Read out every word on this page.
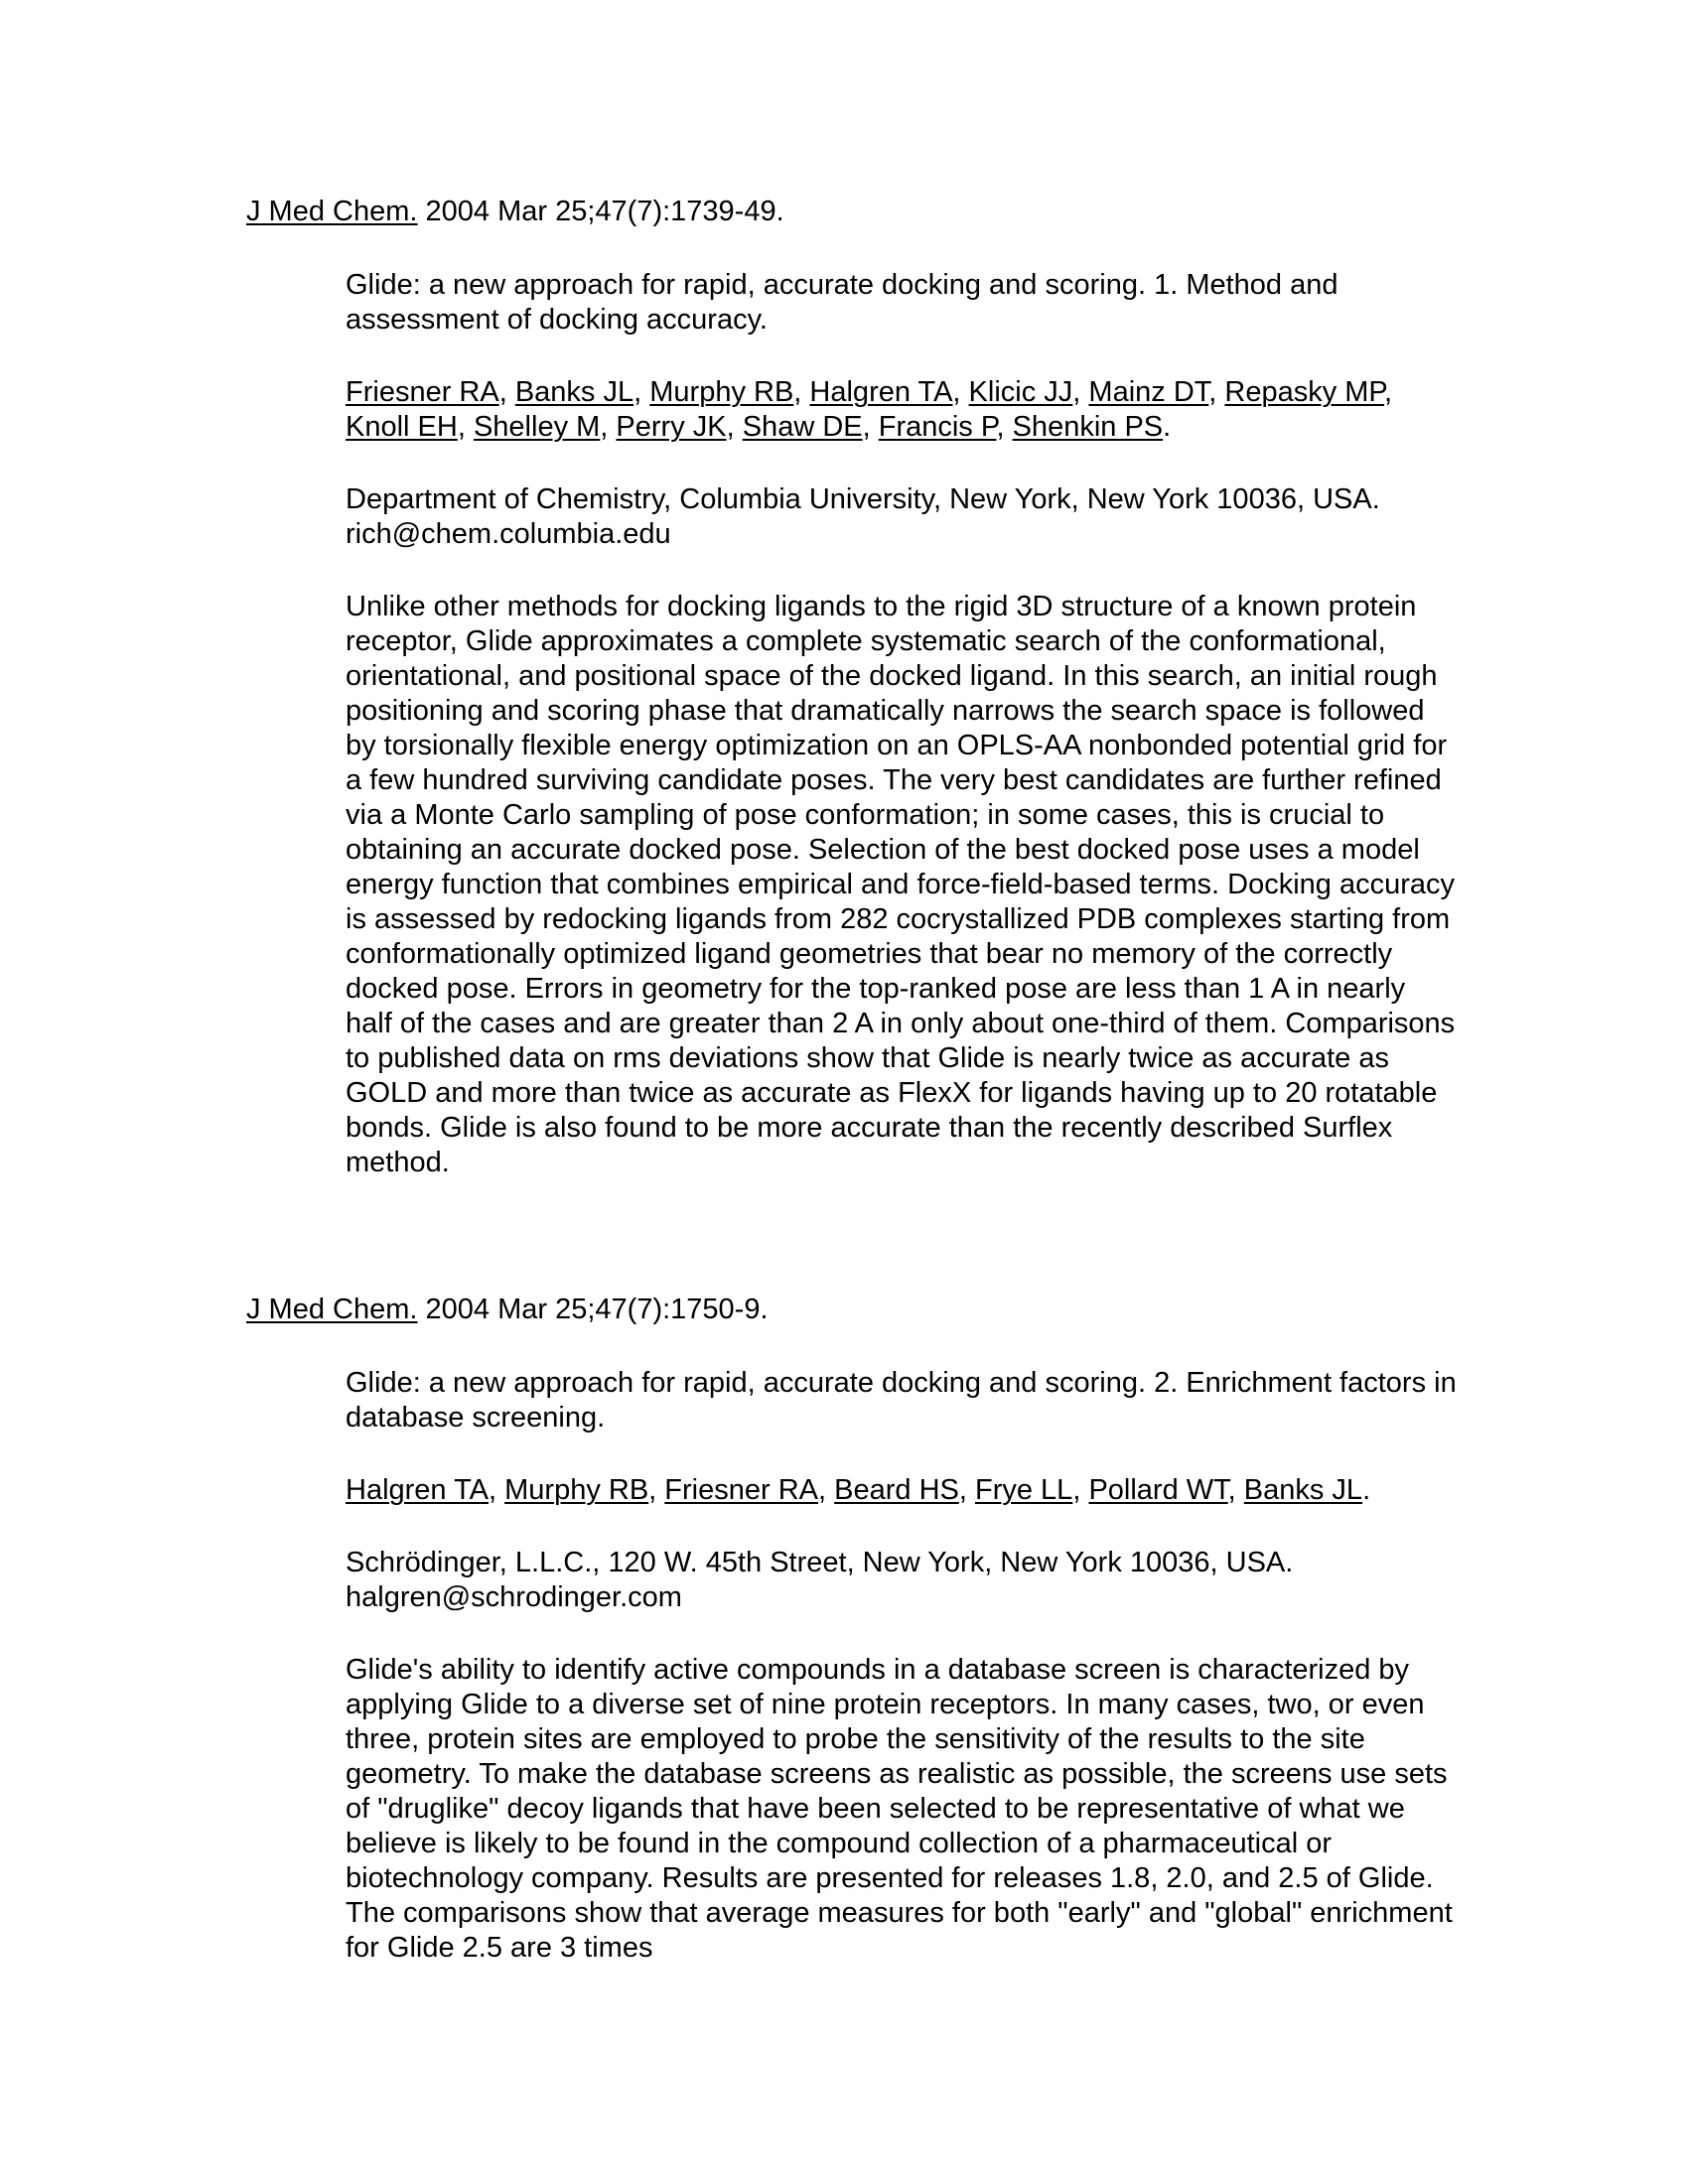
J Med Chem. 2004 Mar 25;47(7):1739-49.
Glide: a new approach for rapid, accurate docking and scoring. 1. Method and assessment of docking accuracy.
Friesner RA, Banks JL, Murphy RB, Halgren TA, Klicic JJ, Mainz DT, Repasky MP, Knoll EH, Shelley M, Perry JK, Shaw DE, Francis P, Shenkin PS.
Department of Chemistry, Columbia University, New York, New York 10036, USA. rich@chem.columbia.edu
Unlike other methods for docking ligands to the rigid 3D structure of a known protein receptor, Glide approximates a complete systematic search of the conformational, orientational, and positional space of the docked ligand. In this search, an initial rough positioning and scoring phase that dramatically narrows the search space is followed by torsionally flexible energy optimization on an OPLS-AA nonbonded potential grid for a few hundred surviving candidate poses. The very best candidates are further refined via a Monte Carlo sampling of pose conformation; in some cases, this is crucial to obtaining an accurate docked pose. Selection of the best docked pose uses a model energy function that combines empirical and force-field-based terms. Docking accuracy is assessed by redocking ligands from 282 cocrystallized PDB complexes starting from conformationally optimized ligand geometries that bear no memory of the correctly docked pose. Errors in geometry for the top-ranked pose are less than 1 A in nearly half of the cases and are greater than 2 A in only about one-third of them. Comparisons to published data on rms deviations show that Glide is nearly twice as accurate as GOLD and more than twice as accurate as FlexX for ligands having up to 20 rotatable bonds. Glide is also found to be more accurate than the recently described Surflex method.
J Med Chem. 2004 Mar 25;47(7):1750-9.
Glide: a new approach for rapid, accurate docking and scoring. 2. Enrichment factors in database screening.
Halgren TA, Murphy RB, Friesner RA, Beard HS, Frye LL, Pollard WT, Banks JL.
Schrödinger, L.L.C., 120 W. 45th Street, New York, New York 10036, USA. halgren@schrodinger.com
Glide's ability to identify active compounds in a database screen is characterized by applying Glide to a diverse set of nine protein receptors. In many cases, two, or even three, protein sites are employed to probe the sensitivity of the results to the site geometry. To make the database screens as realistic as possible, the screens use sets of "druglike" decoy ligands that have been selected to be representative of what we believe is likely to be found in the compound collection of a pharmaceutical or biotechnology company. Results are presented for releases 1.8, 2.0, and 2.5 of Glide. The comparisons show that average measures for both "early" and "global" enrichment for Glide 2.5 are 3 times
